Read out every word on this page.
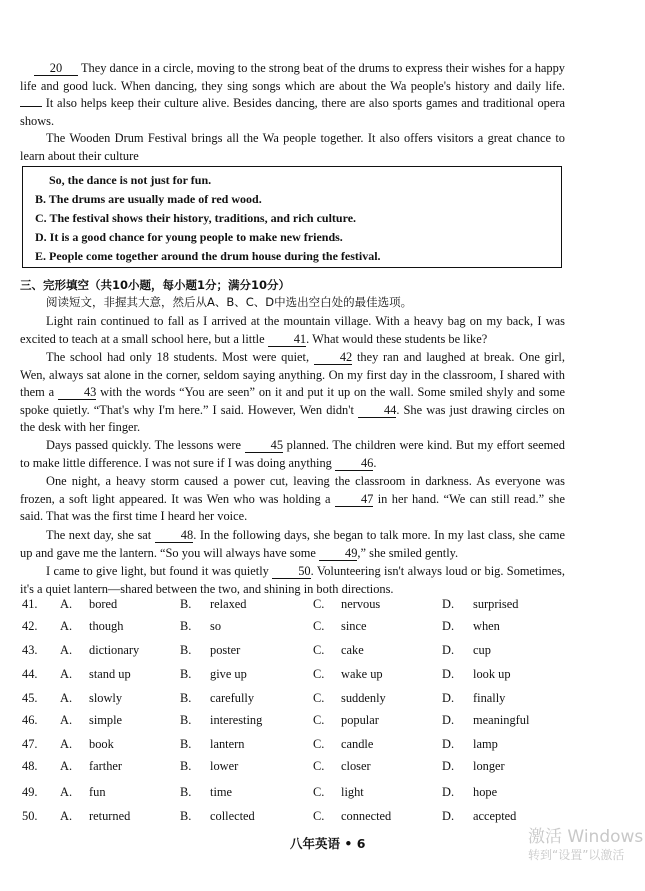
20 They dance in a circle, moving to the strong beat of the drums to express their wishes for a happy life and good luck. When dancing, they sing songs which are about the Wa people's history and daily life.  It also helps keep their culture alive. Besides dancing, there are also sports games and traditional opera shows.
The Wooden Drum Festival brings all the Wa people together. It also offers visitors a great chance to learn about their culture
So, the dance is not just for fun.
B. The drums are usually made of red wood.
C. The festival shows their history, traditions, and rich culture.
D. It is a good chance for young people to make new friends.
E. People come together around the drum house during the festival.
三、完形填空（共10小题，每小题1分；满分10分）
阅读短文，非握其大意，然后从A、B、C、D中选出空白处的最佳选项。
Light rain continued to fall as I arrived at the mountain village. With a heavy bag on my back, I was excited to teach at a small school here, but a little 41. What would these students be like?
The school had only 18 students. Most were quiet, 42 they ran and laughed at break. One girl, Wen, always sat alone in the corner, seldom saying anything. On my first day in the classroom, I shared with them a 43 with the words “You are seen” on it and put it up on the wall. Some smiled shyly and some spoke quietly. “That's why I'm here.” I said. However, Wen didn't 44. She was just drawing circles on the desk with her finger.
Days passed quickly. The lessons were 45 planned. The children were kind. But my effort seemed to make little difference. I was not sure if I was doing anything 46.
One night, a heavy storm caused a power cut, leaving the classroom in darkness. As everyone was frozen, a soft light appeared. It was Wen who was holding a 47 in her hand. “We can still read.” she said. That was the first time I heard her voice.
The next day, she sat 48. In the following days, she began to talk more. In my last class, she came up and gave me the lantern. “So you will always have some 49,” she smiled gently.
I came to give light, but found it was quietly 50. Volunteering isn't always loud or big. Sometimes, it's a quiet lantern—shared between the two, and shining in both directions.
41. A. bored	B. relaxed	C. nervous	D. surprised
42. A. though	B. so	C. since	D. when
43. A. dictionary	B. poster	C. cake	D. cup
44. A. stand up	B. give up	C. wake up	D. look up
45. A. slowly	B. carefully	C. suddenly	D. finally
46. A. simple	B. interesting	C. popular	D. meaningful
47. A. book	B. lantern	C. candle	D. lamp
48. A. farther	B. lower	C. closer	D. longer
49. A. fun	B. time	C. light	D. hope
50. A. returned	B. collected	C. connected	D. accepted
八年英语 • 6	激活 Windows
转到“设置”以激活
